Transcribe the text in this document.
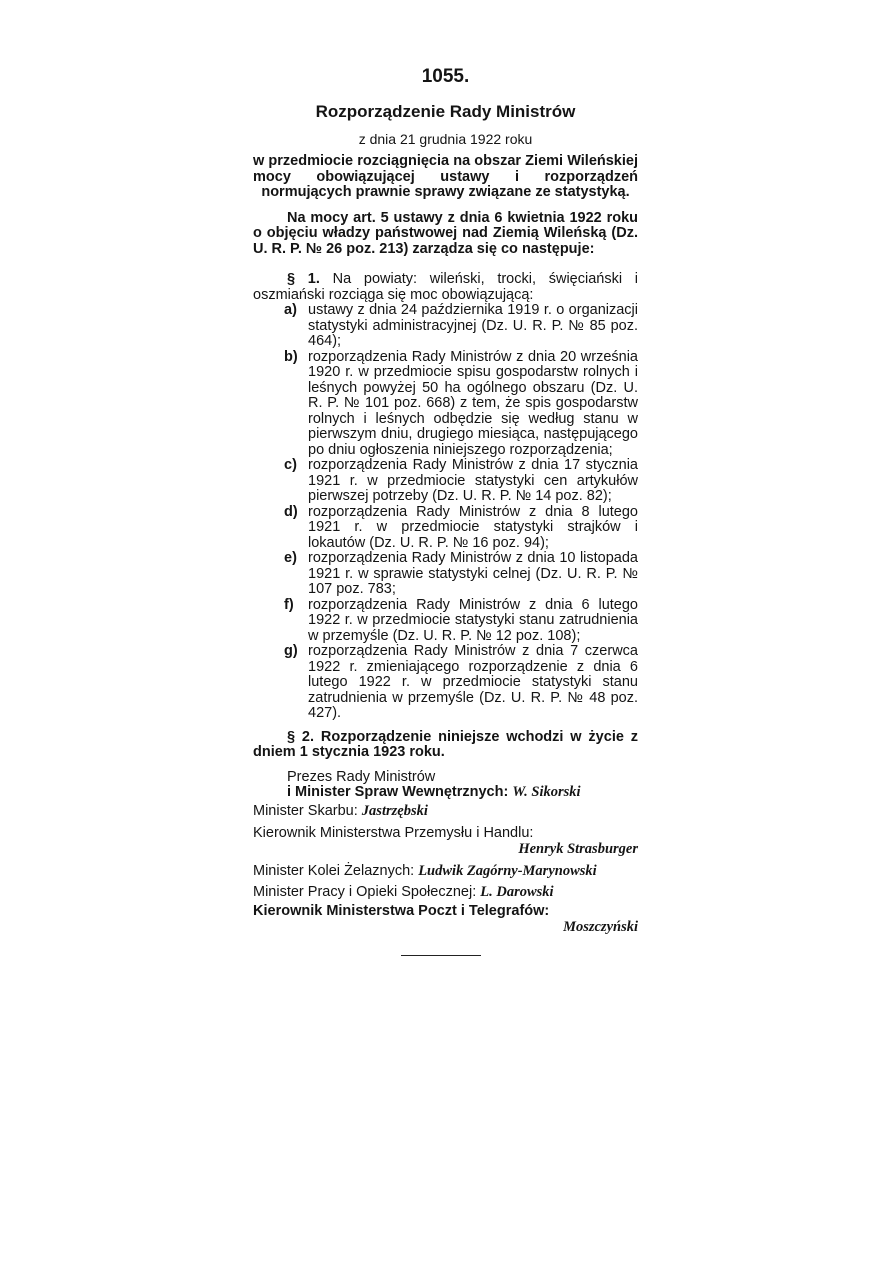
1055.
Rozporządzenie Rady Ministrów
z dnia 21 grudnia 1922 roku
w przedmiocie rozciągnięcia na obszar Ziemi Wileńskiej mocy obowiązującej ustawy i rozporządzeń normujących prawnie sprawy związane ze statystyką.

Na mocy art. 5 ustawy z dnia 6 kwietnia 1922 roku o objęciu władzy państwowej nad Ziemią Wileńską (Dz. U. R. P. № 26 poz. 213) zarządza się co następuje:

§ 1. Na powiaty: wileński, trocki, święciański i oszmiański rozciąga się moc obowiązującą:

a) ustawy z dnia 24 października 1919 r. o organizacji statystyki administracyjnej (Dz. U. R. P. № 85 poz. 464);
b) rozporządzenia Rady Ministrów z dnia 20 września 1920 r. w przedmiocie spisu gospodarstw rolnych i leśnych powyżej 50 ha ogólnego obszaru (Dz. U. R. P. № 101 poz. 668) z tem, że spis gospodarstw rolnych i leśnych odbędzie się według stanu w pierwszym dniu, drugiego miesiąca, następującego po dniu ogłoszenia niniejszego rozporządzenia;
c) rozporządzenia Rady Ministrów z dnia 17 stycznia 1921 r. w przedmiocie statystyki cen artykułów pierwszej potrzeby (Dz. U. R. P. № 14 poz. 82);
d) rozporządzenia Rady Ministrów z dnia 8 lutego 1921 r. w przedmiocie statystyki strajków i lokautów (Dz. U. R. P. № 16 poz. 94);
e) rozporządzenia Rady Ministrów z dnia 10 listopada 1921 r. w sprawie statystyki celnej (Dz. U. R. P. № 107 poz. 783;
f) rozporządzenia Rady Ministrów z dnia 6 lutego 1922 r. w przedmiocie statystyki stanu zatrudnienia w przemyśle (Dz. U. R. P. № 12 poz. 108);
g) rozporządzenia Rady Ministrów z dnia 7 czerwca 1922 r. zmieniającego rozporządzenie z dnia 6 lutego 1922 r. w przedmiocie statystyki stanu zatrudnienia w przemyśle (Dz. U. R. P. № 48 poz. 427).

§ 2. Rozporządzenie niniejsze wchodzi w życie z dniem 1 stycznia 1923 roku.

Prezes Rady Ministrów
i Minister Spraw Wewnętrznych: W. Sikorski
Minister Skarbu: Jastrzębski
Kierownik Ministerstwa Przemysłu i Handlu:
Henryk Strasburger
Minister Kolei Żelaznych: Ludwik Zagórny-Marynowski
Minister Pracy i Opieki Społecznej: L. Darowski
Kierownik Ministerstwa Poczt i Telegrafów:
Moszczyński
